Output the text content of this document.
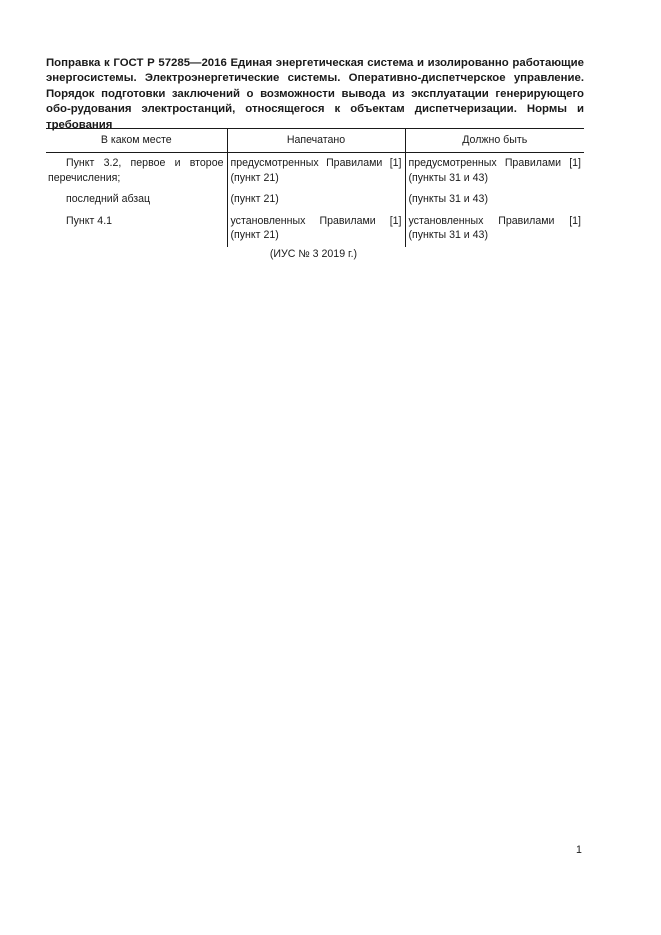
Поправка к ГОСТ Р 57285—2016 Единая энергетическая система и изолированно работающие энергосистемы. Электроэнергетические системы. Оперативно-диспетчерское управление. Порядок подготовки заключений о возможности вывода из эксплуатации генерирующего обо-рудования электростанций, относящегося к объектам диспетчеризации. Нормы и требования

В каком месте	Напечатано	Должно быть
Пункт 3.2, первое и второе перечисления;	предусмотренных Правилами [1] (пункт 21)	предусмотренных Правилами [1] (пункты 31 и 43)
последний абзац	(пункт 21)	(пункты 31 и 43)
Пункт 4.1	установленных Правилами [1] (пункт 21)	установленных Правилами [1] (пункты 31 и 43)

(ИУС № 3 2019 г.)

1
